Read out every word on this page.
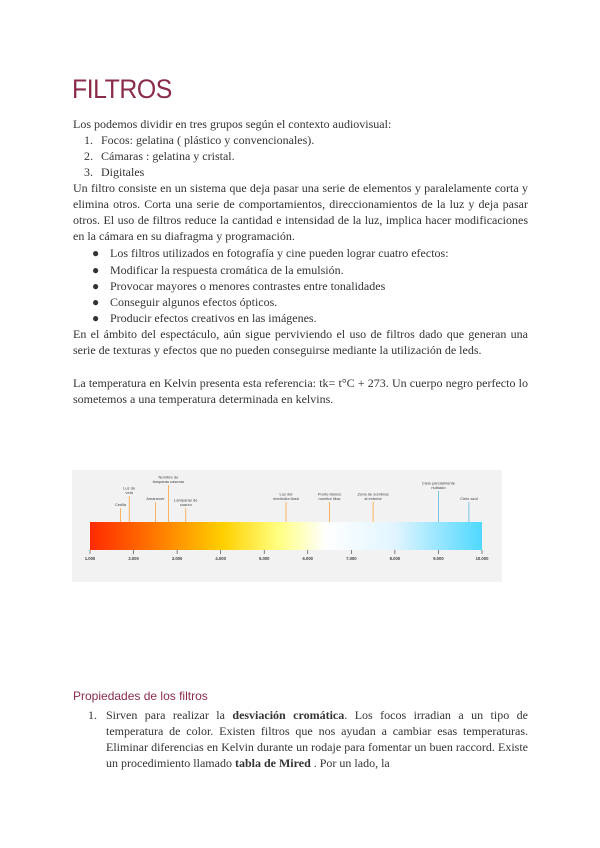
FILTROS

Los podemos dividir en tres grupos según el contexto audiovisual:

1. Focos: gelatina ( plástico y convencionales).
2. Cámaras : gelatina y cristal.
3. Digitales

Un filtro consiste en un sistema que deja pasar una serie de elementos y paralelamente corta y elimina otros. Corta una serie de comportamientos, direccionamientos de la luz y deja pasar otros. El uso de filtros reduce la cantidad e intensidad de la luz, implica hacer modificaciones en la cámara en su diafragma y programación.

● Los filtros utilizados en fotografía y cine pueden lograr cuatro efectos:
● Modificar la respuesta cromática de la emulsión.
● Provocar mayores o menores contrastes entre tonalidades
● Conseguir algunos efectos ópticos.
● Producir efectos creativos en las imágenes.

En el ámbito del espectáculo, aún sigue perviviendo el uso de filtros dado que generan una serie de texturas y efectos que no pueden conseguirse mediante la utilización de leds.

La temperatura en Kelvin presenta esta referencia: tk= t°C + 273. Un cuerpo negro perfecto lo sometemos a una temperatura determinada en kelvins.

1.000	2.000	3.000	4.000	5.000	6.000	7.000	8.000	9.000	10.000
Cerilla
Luz de vela
Amanecer
Nombre de lámparas caseras
Lámparas de cuarzo
Luz del mediodía flash
Punto blanco monitor Mac
Zona de sombras al exterior
Cielo parcialmente nublado
Cielo azul
Propiedades de los filtros
1. Sirven para realizar la desviación cromática. Los focos irradian a un tipo de temperatura de color. Existen filtros que nos ayudan a cambiar esas temperaturas. Eliminar diferencias en Kelvin durante un rodaje para fomentar un buen raccord. Existe un procedimiento llamado tabla de Mired . Por un lado, la
